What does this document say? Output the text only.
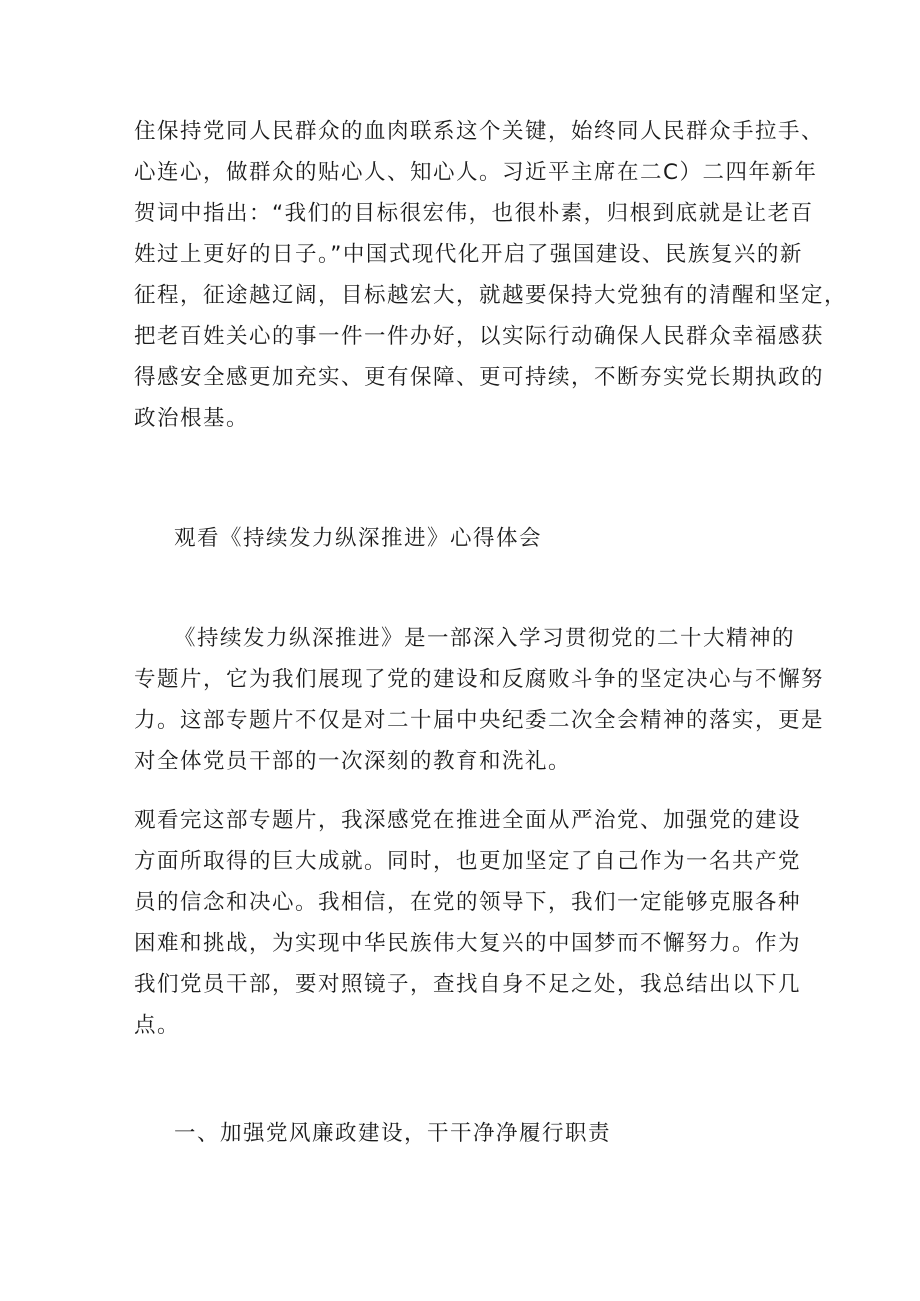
住保持党同人民群众的血肉联系这个关键，始终同人民群众手拉手、
心连心，做群众的贴心人、知心人。习近平主席在二C）二四年新年
贺词中指出：“我们的目标很宏伟，也很朴素，归根到底就是让老百
姓过上更好的日子。”中国式现代化开启了强国建设、民族复兴的新
征程，征途越辽阔，目标越宏大，就越要保持大党独有的清醒和坚定，
把老百姓关心的事一件一件办好，以实际行动确保人民群众幸福感获
得感安全感更加充实、更有保障、更可持续，不断夯实党长期执政的
政治根基。
观看《持续发力纵深推进》心得体会
《持续发力纵深推进》是一部深入学习贯彻党的二十大精神的
专题片，它为我们展现了党的建设和反腐败斗争的坚定决心与不懈努
力。这部专题片不仅是对二十届中央纪委二次全会精神的落实，更是
对全体党员干部的一次深刻的教育和洗礼。
观看完这部专题片，我深感党在推进全面从严治党、加强党的建设
方面所取得的巨大成就。同时，也更加坚定了自己作为一名共产党
员的信念和决心。我相信，在党的领导下，我们一定能够克服各种
困难和挑战，为实现中华民族伟大复兴的中国梦而不懈努力。作为
我们党员干部，要对照镜子，查找自身不足之处，我总结出以下几
点。
一、加强党风廉政建设，干干净净履行职责
